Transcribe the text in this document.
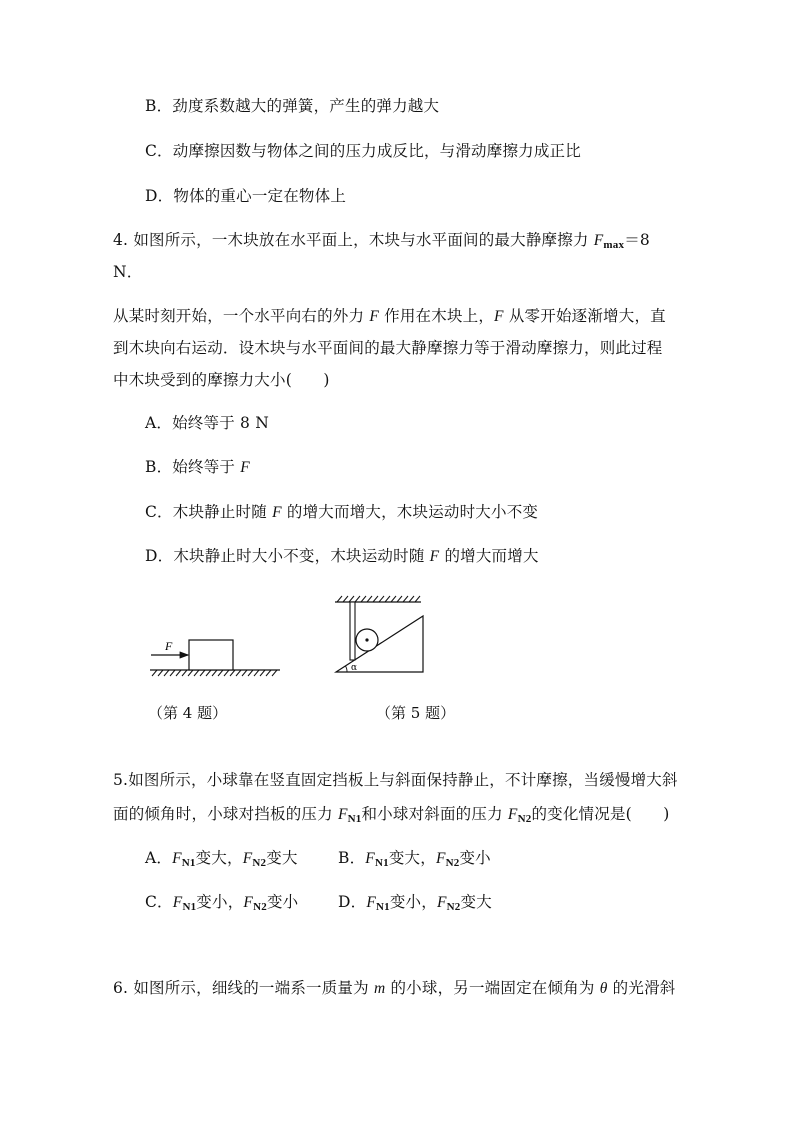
B．劲度系数越大的弹簧，产生的弹力越大
C．动摩擦因数与物体之间的压力成反比，与滑动摩擦力成正比
D．物体的重心一定在物体上
4. 如图所示，一木块放在水平面上，木块与水平面间的最大静摩擦力 $F_{max}=8$
N．
从某时刻开始，一个水平向右的外力 F 作用在木块上，F 从零开始逐渐增大，直
到木块向右运动．设木块与水平面间的最大静摩擦力等于滑动摩擦力，则此过程
中木块受到的摩擦力大小(　　)
A．始终等于 8 N
B．始终等于 F
C．木块静止时随 F 的增大而增大，木块运动时大小不变
D．木块静止时大小不变，木块运动时随 F 的增大而增大
F
α
（第 4 题）	（第 5 题）
5.如图所示，小球靠在竖直固定挡板上与斜面保持静止，不计摩擦，当缓慢增大斜
面的倾角时，小球对挡板的压力 $F_{N1}$和小球对斜面的压力 $F_{N2}$的变化情况是(　　)
A．$F_{N1}$变大，$F_{N2}$变大	B．$F_{N1}$变大，$F_{N2}$变小
C．$F_{N1}$变小，$F_{N2}$变小	D．$F_{N1}$变小，$F_{N2}$变大
6. 如图所示，细线的一端系一质量为 m 的小球，另一端固定在倾角为 θ 的光滑斜
